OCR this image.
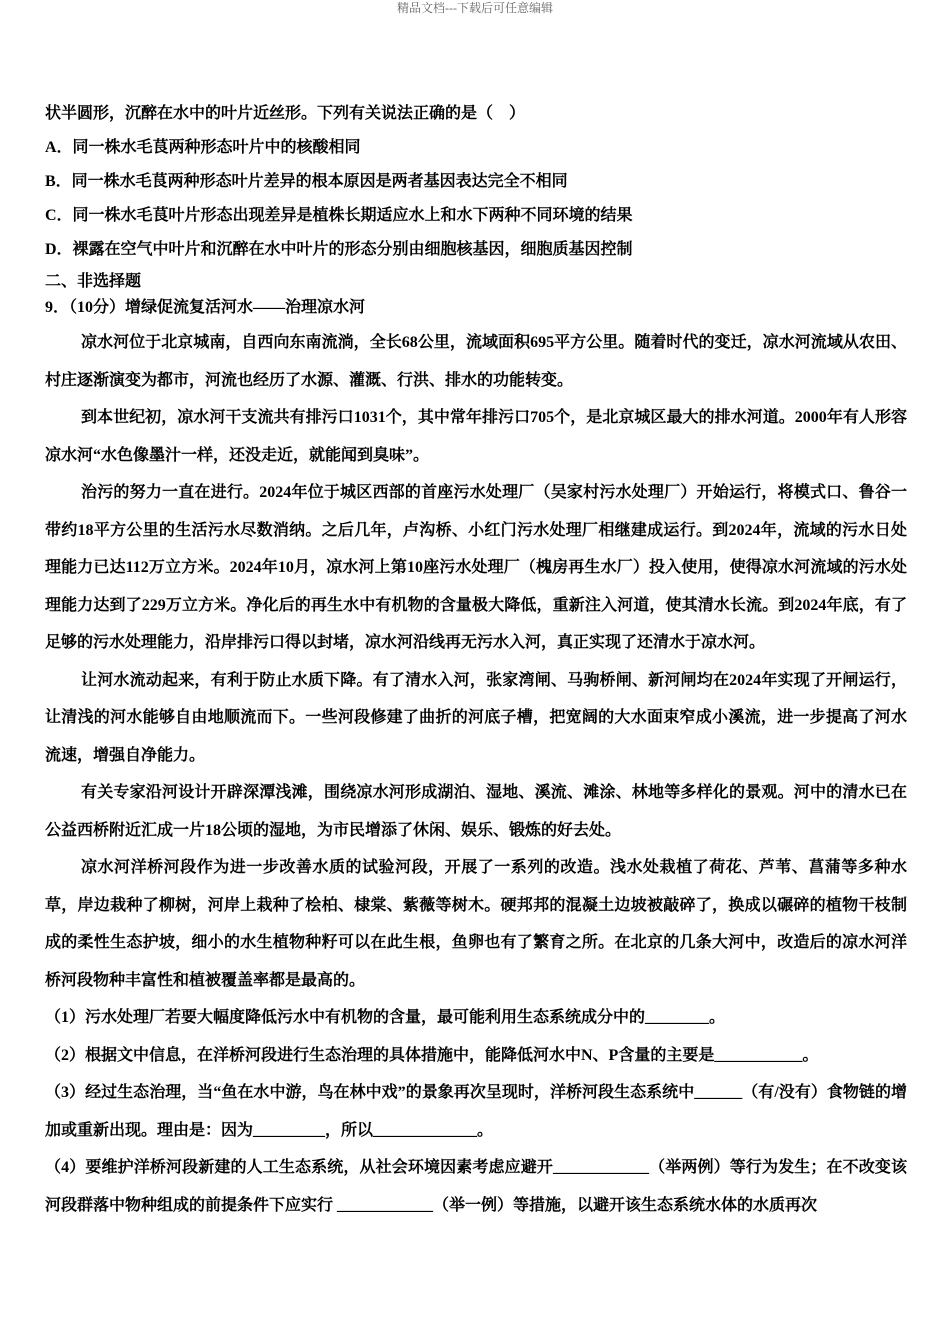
精品文档---下载后可任意编辑
状半圆形，沉醉在水中的叶片近丝形。下列有关说法正确的是（　）
A．同一株水毛茛两种形态叶片中的核酸相同
B．同一株水毛茛两种形态叶片差异的根本原因是两者基因表达完全不相同
C．同一株水毛茛叶片形态出现差异是植株长期适应水上和水下两种不同环境的结果
D．裸露在空气中叶片和沉醉在水中叶片的形态分别由细胞核基因，细胞质基因控制
二、非选择题
9．（10分）增绿促流复活河水——治理凉水河
凉水河位于北京城南，自西向东南流淌，全长68公里，流域面积695平方公里。随着时代的变迁，凉水河流域从农田、村庄逐渐演变为都市，河流也经历了水源、灌溉、行洪、排水的功能转变。
到本世纪初，凉水河干支流共有排污口1031个，其中常年排污口705个，是北京城区最大的排水河道。2000年有人形容凉水河“水色像墨汁一样，还没走近，就能闻到臭味”。
治污的努力一直在进行。2024年位于城区西部的首座污水处理厂（吴家村污水处理厂）开始运行，将模式口、鲁谷一带约18平方公里的生活污水尽数消纳。之后几年，卢沟桥、小红门污水处理厂相继建成运行。到2024年，流域的污水日处理能力已达112万立方米。2024年10月，凉水河上第10座污水处理厂（槐房再生水厂）投入使用，使得凉水河流域的污水处理能力达到了229万立方米。净化后的再生水中有机物的含量极大降低，重新注入河道，使其清水长流。到2024年底，有了足够的污水处理能力，沿岸排污口得以封堵，凉水河沿线再无污水入河，真正实现了还清水于凉水河。
让河水流动起来，有利于防止水质下降。有了清水入河，张家湾闸、马驹桥闸、新河闸均在2024年实现了开闸运行，让清浅的河水能够自由地顺流而下。一些河段修建了曲折的河底子槽，把宽阔的大水面束窄成小溪流，进一步提高了河水流速，增强自净能力。
有关专家沿河设计开辟深潭浅滩，围绕凉水河形成湖泊、湿地、溪流、滩涂、林地等多样化的景观。河中的清水已在公益西桥附近汇成一片18公顷的湿地，为市民增添了休闲、娱乐、锻炼的好去处。
凉水河洋桥河段作为进一步改善水质的试验河段，开展了一系列的改造。浅水处栽植了荷花、芦苇、菖蒲等多种水草，岸边栽种了柳树，河岸上栽种了桧柏、棣棠、紫薇等树木。硬邦邦的混凝土边坡被敲碎了，换成以碾碎的植物干枝制成的柔性生态护坡，细小的水生植物种籽可以在此生根，鱼卵也有了繁育之所。在北京的几条大河中，改造后的凉水河洋桥河段物种丰富性和植被覆盖率都是最高的。
（1）污水处理厂若要大幅度降低污水中有机物的含量，最可能利用生态系统成分中的________。
（2）根据文中信息，在洋桥河段进行生态治理的具体措施中，能降低河水中N、P含量的主要是___________。
（3）经过生态治理，当“鱼在水中游，鸟在林中戏”的景象再次呈现时，洋桥河段生态系统中______（有/没有）食物链的增加或重新出现。理由是：因为_________，所以_____________。
（4）要维护洋桥河段新建的人工生态系统，从社会环境因素考虑应避开____________（举两例）等行为发生；在不改变该河段群落中物种组成的前提条件下应实行 ____________（举一例）等措施，以避开该生态系统水体的水质再次
